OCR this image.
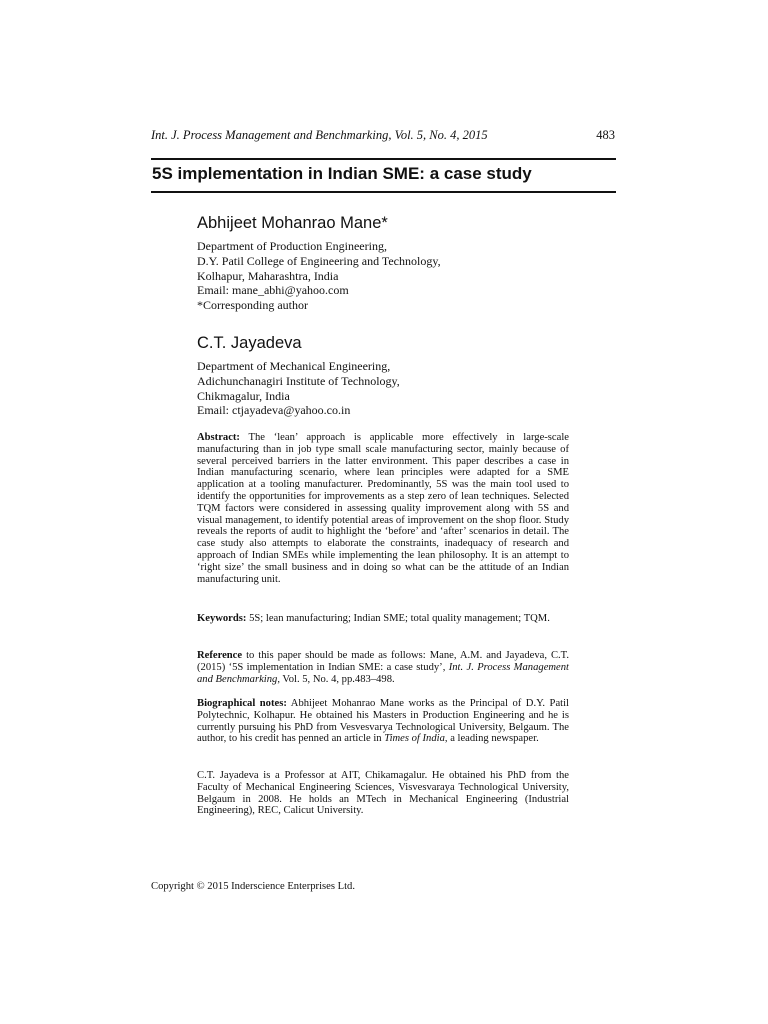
Int. J. Process Management and Benchmarking, Vol. 5, No. 4, 2015	483
5S implementation in Indian SME: a case study
Abhijeet Mohanrao Mane*
Department of Production Engineering,
D.Y. Patil College of Engineering and Technology,
Kolhapur, Maharashtra, India
Email: mane_abhi@yahoo.com
*Corresponding author
C.T. Jayadeva
Department of Mechanical Engineering,
Adichunchanagiri Institute of Technology,
Chikmagalur, India
Email: ctjayadeva@yahoo.co.in
Abstract: The ‘lean’ approach is applicable more effectively in large-scale manufacturing than in job type small scale manufacturing sector, mainly because of several perceived barriers in the latter environment. This paper describes a case in Indian manufacturing scenario, where lean principles were adapted for a SME application at a tooling manufacturer. Predominantly, 5S was the main tool used to identify the opportunities for improvements as a step zero of lean techniques. Selected TQM factors were considered in assessing quality improvement along with 5S and visual management, to identify potential areas of improvement on the shop floor. Study reveals the reports of audit to highlight the ‘before’ and ‘after’ scenarios in detail. The case study also attempts to elaborate the constraints, inadequacy of research and approach of Indian SMEs while implementing the lean philosophy. It is an attempt to ‘right size’ the small business and in doing so what can be the attitude of an Indian manufacturing unit.
Keywords: 5S; lean manufacturing; Indian SME; total quality management; TQM.
Reference to this paper should be made as follows: Mane, A.M. and Jayadeva, C.T. (2015) ‘5S implementation in Indian SME: a case study’, Int. J. Process Management and Benchmarking, Vol. 5, No. 4, pp.483–498.
Biographical notes: Abhijeet Mohanrao Mane works as the Principal of D.Y. Patil Polytechnic, Kolhapur. He obtained his Masters in Production Engineering and he is currently pursuing his PhD from Vesvesvarya Technological University, Belgaum. The author, to his credit has penned an article in Times of India, a leading newspaper.
C.T. Jayadeva is a Professor at AIT, Chikamagalur. He obtained his PhD from the Faculty of Mechanical Engineering Sciences, Visvesvaraya Technological University, Belgaum in 2008. He holds an MTech in Mechanical Engineering (Industrial Engineering), REC, Calicut University.
Copyright © 2015 Inderscience Enterprises Ltd.
